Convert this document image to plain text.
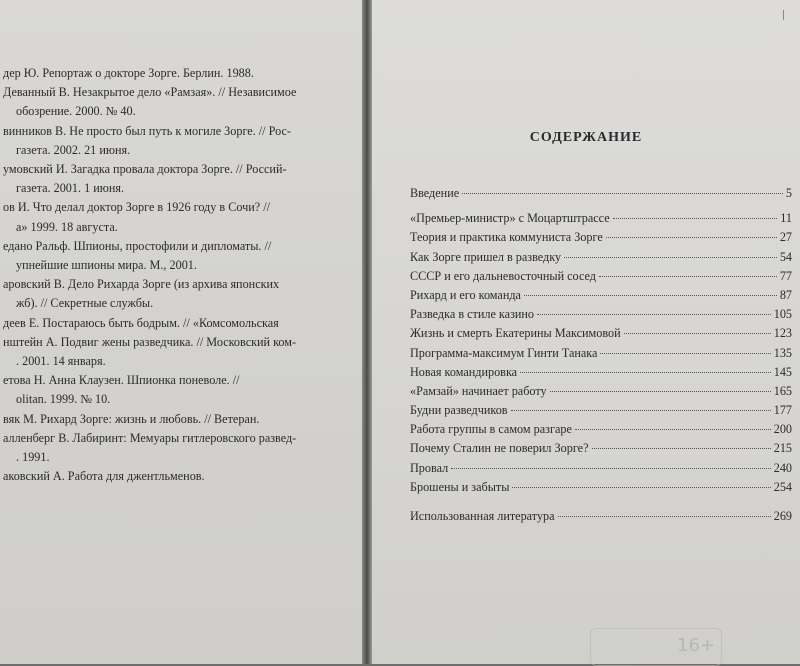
дер Ю. Репортаж о докторе Зорге. Берлин. 1988.
Деванный В. Незакрытое дело «Рамзая». // Независимое
обозрение. 2000. № 40.
винников В. Не просто был путь к могиле Зорге. // Рос-
газета. 2002. 21 июня.
умовский И. Загадка провала доктора Зорге. // Россий-
газета. 2001. 1 июня.
ов И. Что делал доктор Зорге в 1926 году в Сочи? //
а» 1999. 18 августа.
едано Ральф. Шпионы, простофили и дипломаты. //
упнейшие шпионы мира. М., 2001.
аровский В. Дело Рихарда Зорге (из архива японских
жб). // Секретные службы.
деев Е. Постараюсь быть бодрым. // «Комсомольская
нштейн А. Подвиг жены разведчика. // Московский ком-
. 2001. 14 января.
етова Н. Анна Клаузен. Шпионка поневоле. //
olitan. 1999. № 10.
вяк М. Рихард Зорге: жизнь и любовь. // Ветеран.
алленберг В. Лабиринт: Мемуары гитлеровского развед-
. 1991.
аковский А. Работа для джентльменов.
СОДЕРЖАНИЕ
Введение	5
«Премьер-министр» с Моцартштрассе	11
Теория и практика коммуниста Зорге	27
Как Зорге пришел в разведку	54
СССР и его дальневосточный сосед	77
Рихард и его команда	87
Разведка в стиле казино	105
Жизнь и смерть Екатерины Максимовой	123
Программа-максимум Гинти Танака	135
Новая командировка	145
«Рамзай» начинает работу	165
Будни разведчиков	177
Работа группы в самом разгаре	200
Почему Сталин не поверил Зорге?	215
Провал	240
Брошены и забыты	254
Использованная литература	269
16+
